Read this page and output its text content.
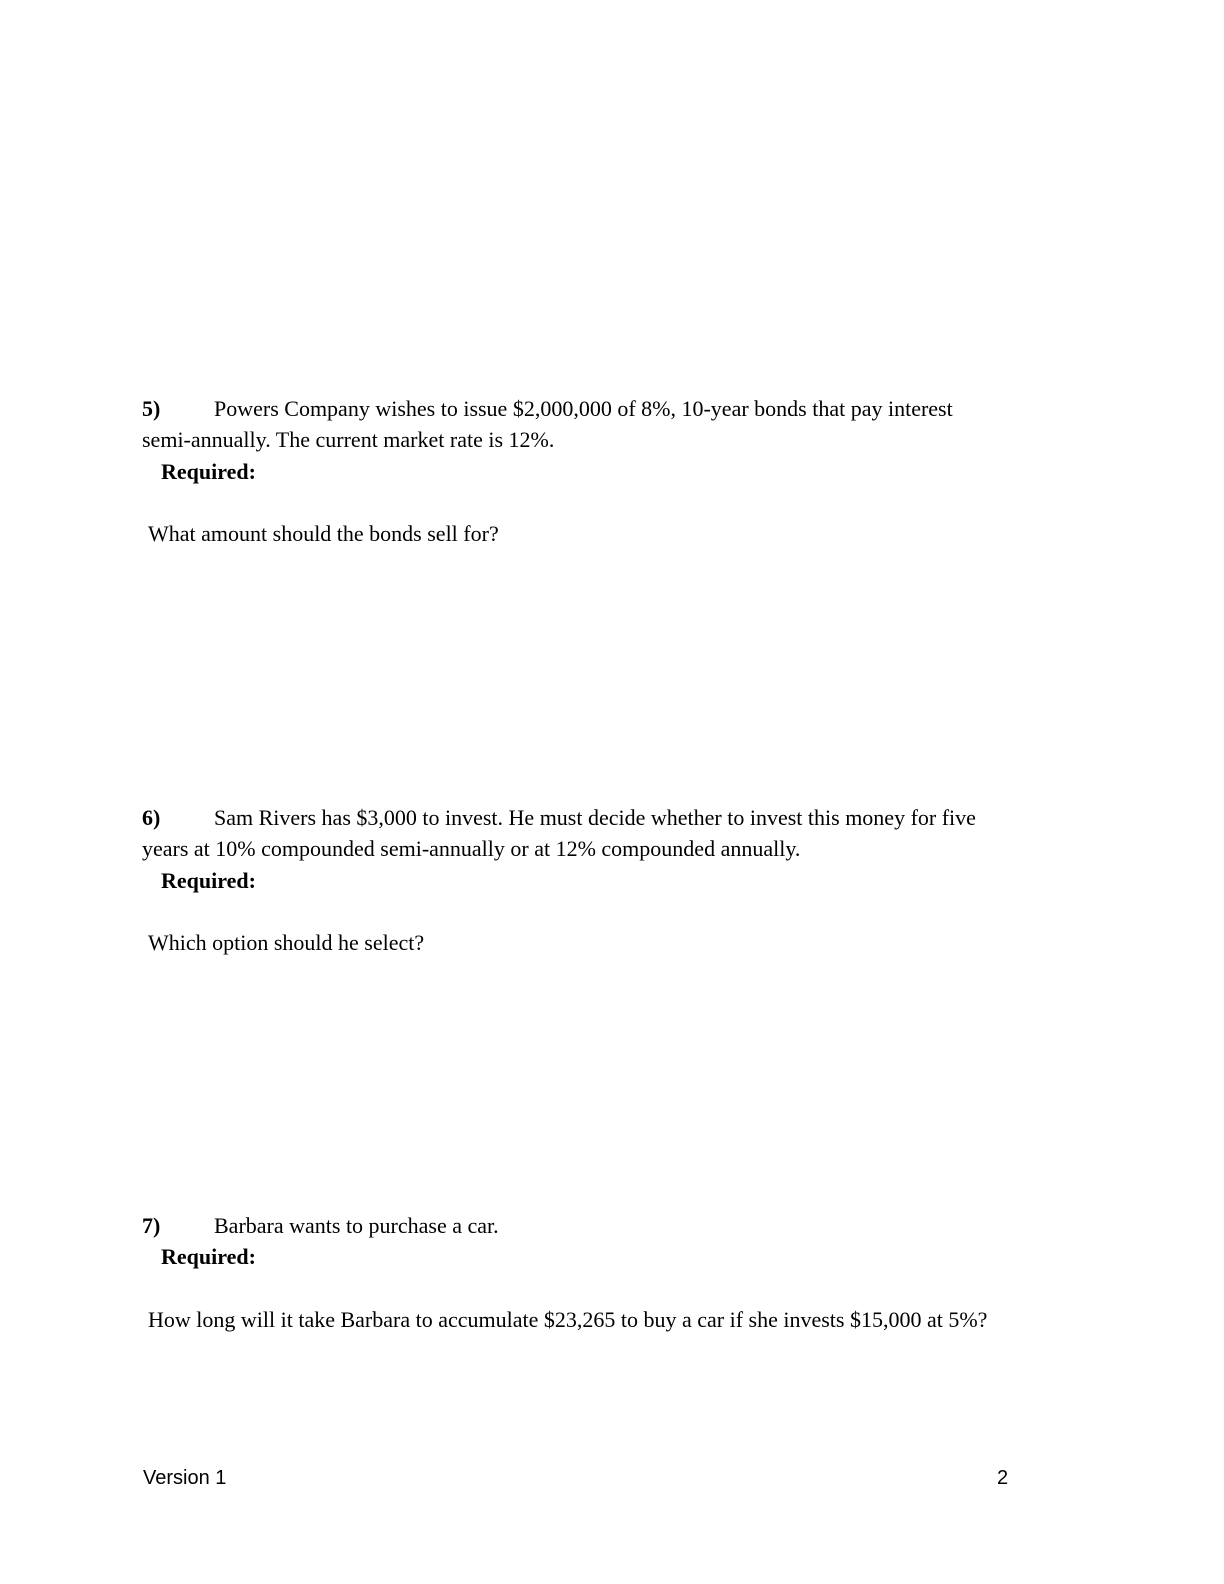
5) Powers Company wishes to issue $2,000,000 of 8%, 10-year bonds that pay interest
semi-annually. The current market rate is 12%.
Required:
What amount should the bonds sell for?
6) Sam Rivers has $3,000 to invest. He must decide whether to invest this money for five
years at 10% compounded semi-annually or at 12% compounded annually.
Required:
Which option should he select?
7) Barbara wants to purchase a car.
Required:
How long will it take Barbara to accumulate $23,265 to buy a car if she invests $15,000 at 5%?
Version 1	2
